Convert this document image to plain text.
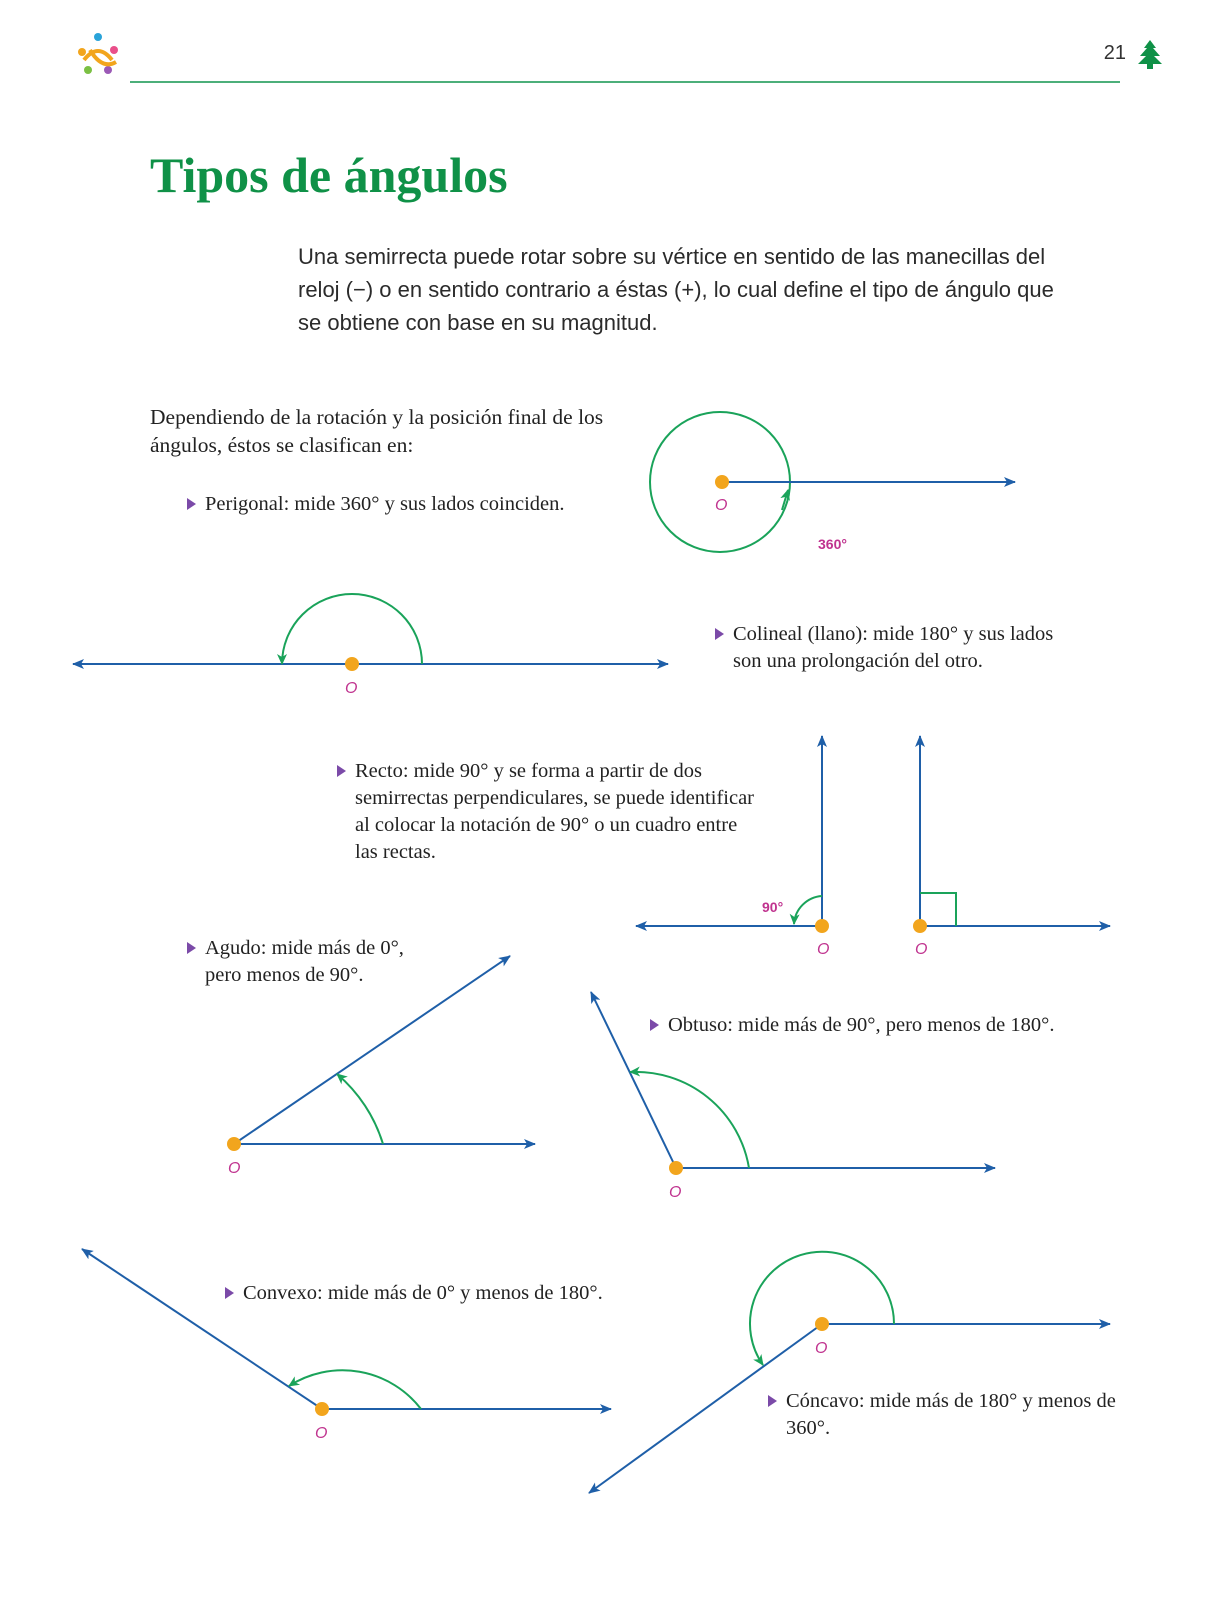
21
Tipos de ángulos

Una semirrecta puede rotar sobre su vértice en sentido de las manecillas del reloj (−) o en sentido contrario a éstas (+), lo cual define el tipo de ángulo que se obtiene con base en su magnitud.

Dependiendo de la rotación y la posición final de los ángulos, éstos se clasifican en:

Perigonal: mide 360° y sus lados coinciden.

Colineal (llano): mide 180° y sus lados son una prolongación del otro.

Recto: mide 90° y se forma a partir de dos semirrectas perpendiculares, se puede identificar al colocar la notación de 90° o un cuadro entre las rectas.

Agudo: mide más de 0°, pero menos de 90°.

Obtuso: mide más de 90°, pero menos de 180°.

Convexo: mide más de 0° y menos de 180°.

Cóncavo: mide más de 180° y menos de 360°.

O
O
O	O
O
O
O
O
360°
90°
